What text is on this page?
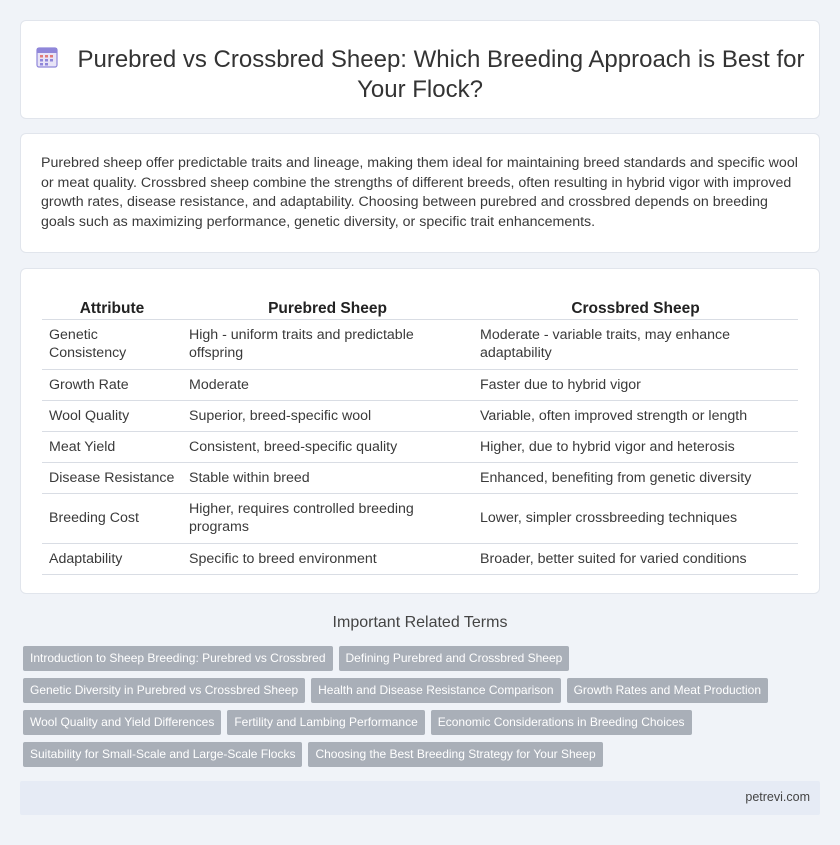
Purebred vs Crossbred Sheep: Which Breeding Approach is Best for Your Flock?

Purebred sheep offer predictable traits and lineage, making them ideal for maintaining breed standards and specific wool or meat quality. Crossbred sheep combine the strengths of different breeds, often resulting in hybrid vigor with improved growth rates, disease resistance, and adaptability. Choosing between purebred and crossbred depends on breeding goals such as maximizing performance, genetic diversity, or specific trait enhancements.

Attribute	Purebred Sheep	Crossbred Sheep
Genetic Consistency	High - uniform traits and predictable offspring	Moderate - variable traits, may enhance adaptability
Growth Rate	Moderate	Faster due to hybrid vigor
Wool Quality	Superior, breed-specific wool	Variable, often improved strength or length
Meat Yield	Consistent, breed-specific quality	Higher, due to hybrid vigor and heterosis
Disease Resistance	Stable within breed	Enhanced, benefiting from genetic diversity
Breeding Cost	Higher, requires controlled breeding programs	Lower, simpler crossbreeding techniques
Adaptability	Specific to breed environment	Broader, better suited for varied conditions
Important Related Terms
Introduction to Sheep Breeding: Purebred vs Crossbred Defining Purebred and Crossbred Sheep
Genetic Diversity in Purebred vs Crossbred Sheep Health and Disease Resistance Comparison Growth Rates and Meat Production
Wool Quality and Yield Differences Fertility and Lambing Performance Economic Considerations in Breeding Choices
Suitability for Small-Scale and Large-Scale Flocks Choosing the Best Breeding Strategy for Your Sheep
petrevi.com
